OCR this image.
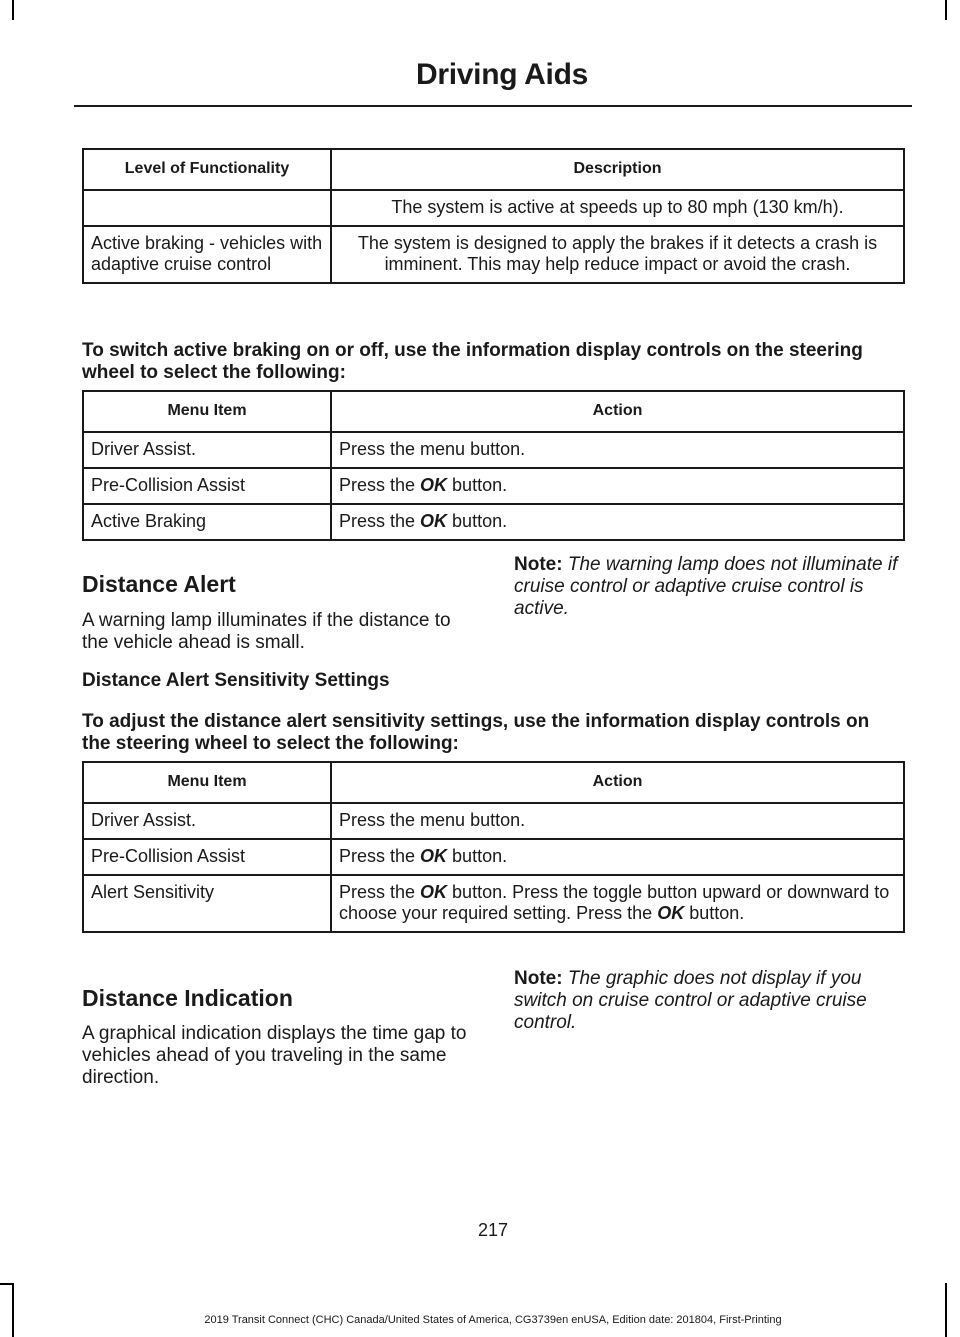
Driving Aids
Level of Functionality	Description
	The system is active at speeds up to 80 mph (130 km/h).
Active braking - vehicles with adaptive cruise control	The system is designed to apply the brakes if it detects a crash is imminent. This may help reduce impact or avoid the crash.
To switch active braking on or off, use the information display controls on the steering wheel to select the following:
Menu Item	Action
Driver Assist.	Press the menu button.
Pre-Collision Assist	Press the OK button.
Active Braking	Press the OK button.
Distance Alert
A warning lamp illuminates if the distance to the vehicle ahead is small.
Note: The warning lamp does not illuminate if cruise control or adaptive cruise control is active.
Distance Alert Sensitivity Settings
To adjust the distance alert sensitivity settings, use the information display controls on the steering wheel to select the following:
Menu Item	Action
Driver Assist.	Press the menu button.
Pre-Collision Assist	Press the OK button.
Alert Sensitivity	Press the OK button. Press the toggle button upward or downward to choose your required setting. Press the OK button.
Distance Indication
A graphical indication displays the time gap to vehicles ahead of you traveling in the same direction.
Note: The graphic does not display if you switch on cruise control or adaptive cruise control.
217
2019 Transit Connect (CHC) Canada/United States of America, CG3739en enUSA, Edition date: 201804, First-Printing
